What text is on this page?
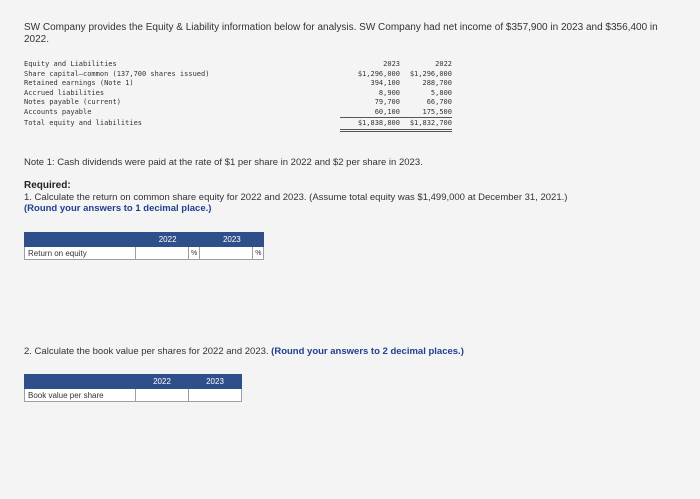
SW Company provides the Equity & Liability information below for analysis. SW Company had net income of $357,900 in 2023 and $356,400 in 2022.
2023	2022
Equity and Liabilities
Share capital—common (137,700 shares issued)	$1,296,000	$1,296,000
Retained earnings (Note 1)	394,100	288,700
Accrued liabilities	8,900	5,800
Notes payable (current)	79,700	66,700
Accounts payable	60,100	175,500
Total equity and liabilities	$1,838,800	$1,832,700
Note 1: Cash dividends were paid at the rate of $1 per share in 2022 and $2 per share in 2023.
Required:
1. Calculate the return on common share equity for 2022 and 2023. (Assume total equity was $1,499,000 at December 31, 2021.)
(Round your answers to 1 decimal place.)
	2022		2023	
Return on equity		%		%
2. Calculate the book value per shares for 2022 and 2023. (Round your answers to 2 decimal places.)
	2022	2023
Book value per share		
